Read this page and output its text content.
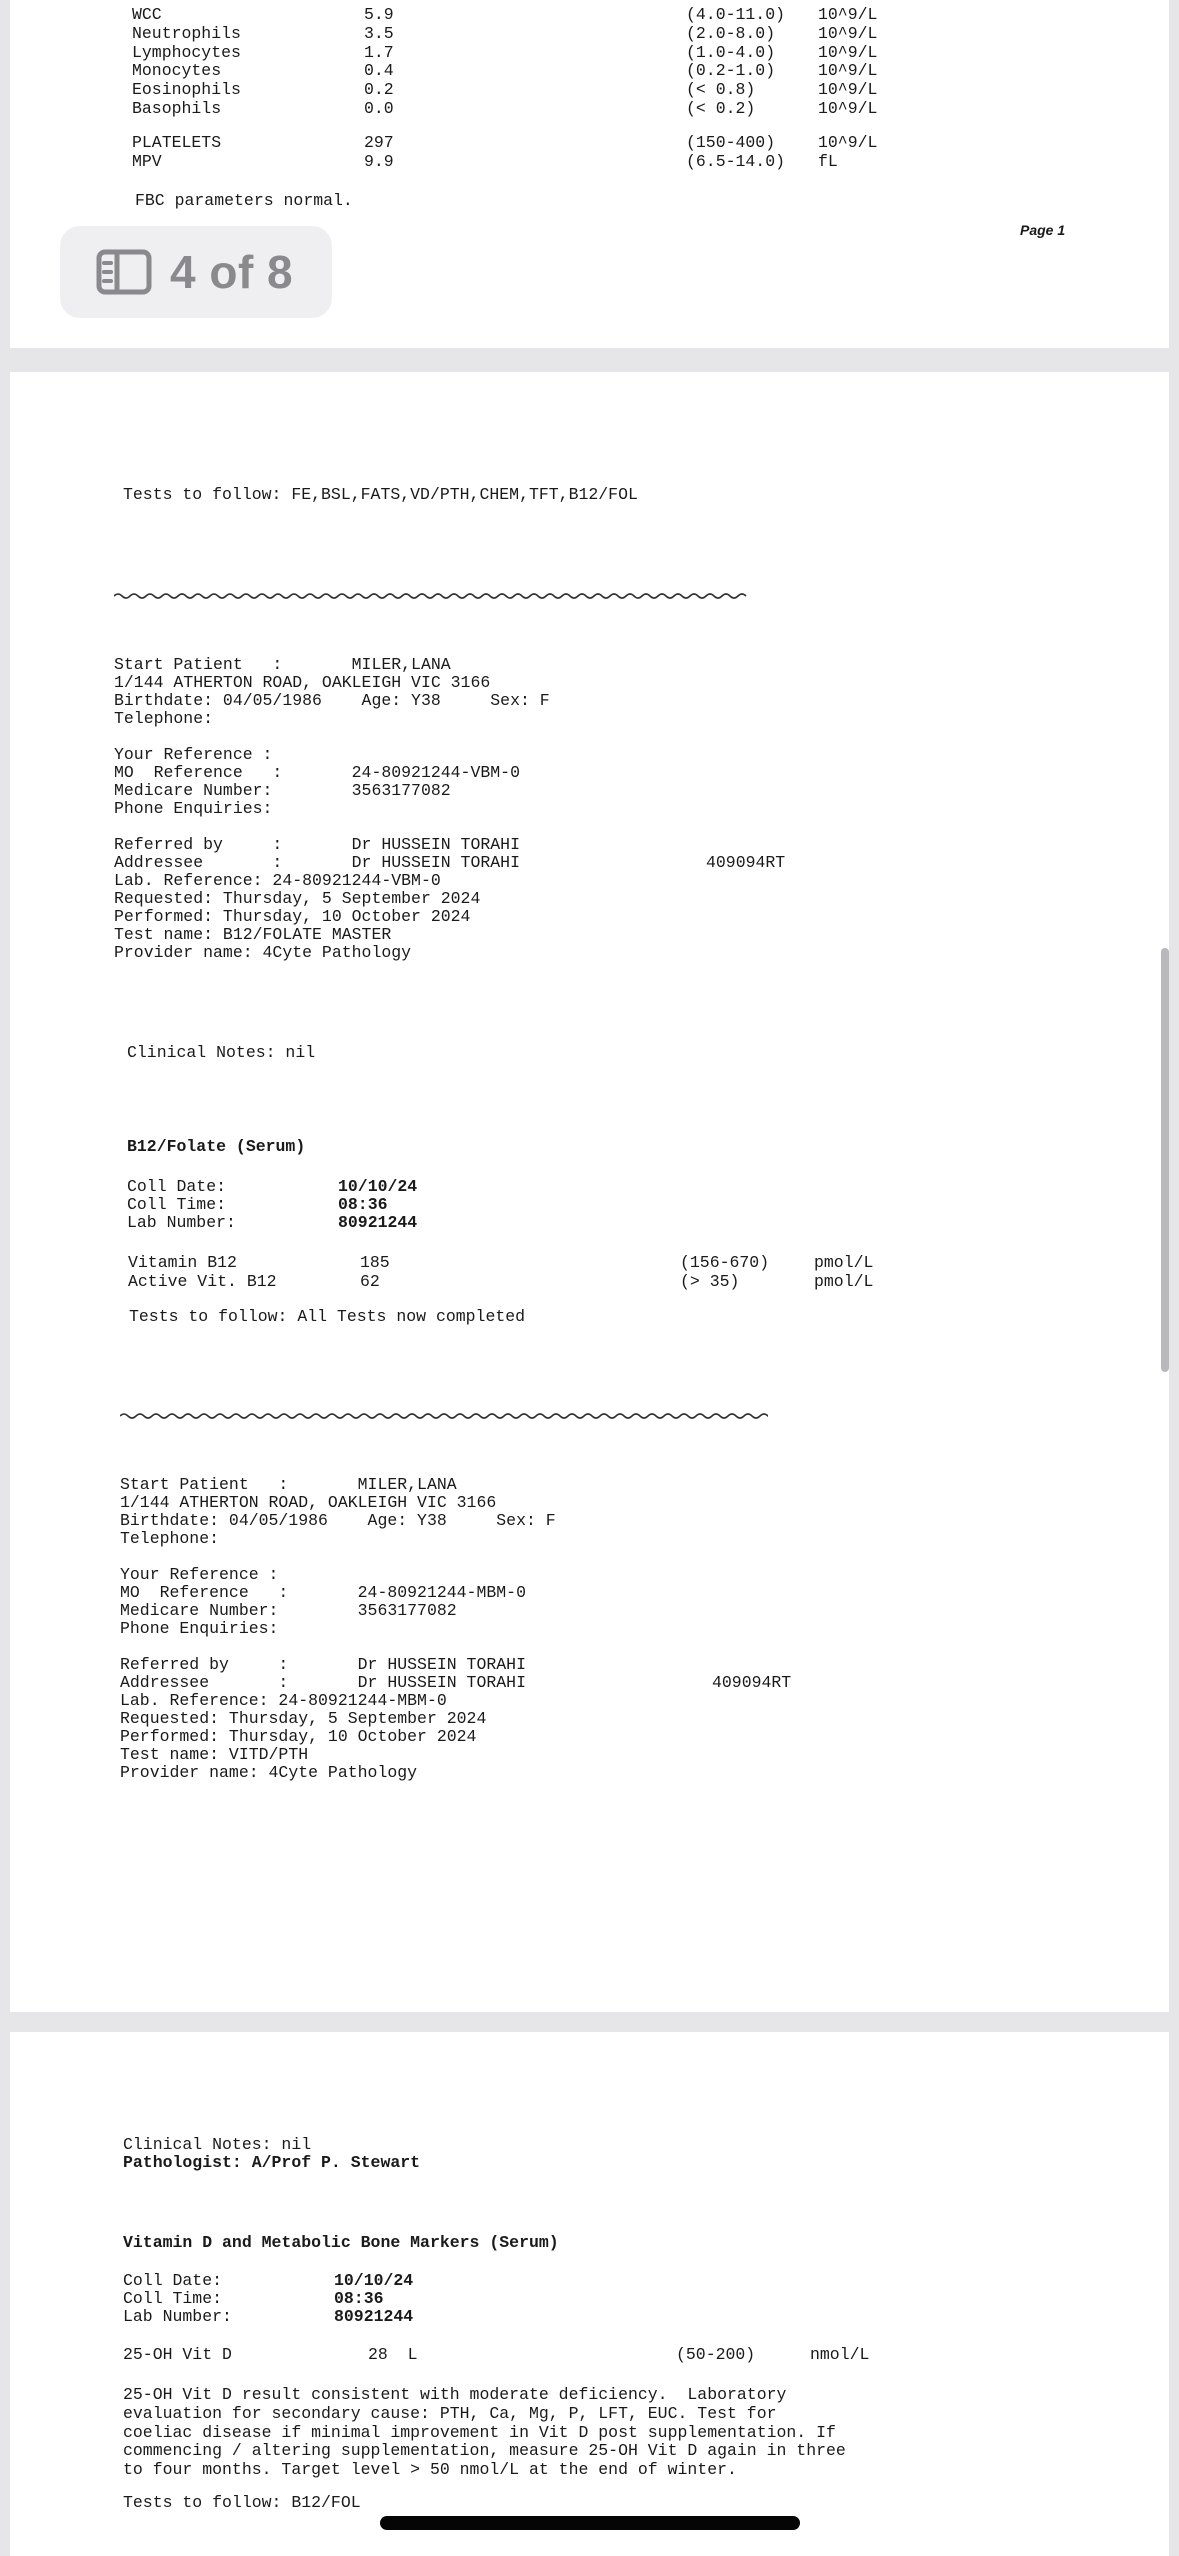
WCC	5.9	(4.0-11.0) 10^9/L
Neutrophils	3.5	(2.0-8.0)	10^9/L
Lymphocytes	1.7	(1.0-4.0)	10^9/L
Monocytes	0.4	(0.2-1.0)	10^9/L
Eosinophils	0.2	(< 0.8)	10^9/L
Basophils	0.0	(< 0.2)	10^9/L
PLATELETS	297	(150-400)	10^9/L
MPV	9.9	(6.5-14.0) fL
FBC parameters normal.
Page 1
4 of 8
Tests to follow: FE,BSL,FATS,VD/PTH,CHEM,TFT,B12/FOL
Start Patient   :       MILER,LANA
1/144 ATHERTON ROAD, OAKLEIGH VIC 3166
Birthdate: 04/05/1986    Age: Y38     Sex: F
Telephone:
Your Reference :
MO  Reference   :       24-80921244-VBM-0
Medicare Number:        3563177082
Phone Enquiries:
Referred by     :       Dr HUSSEIN TORAHI
Addressee       :       Dr HUSSEIN TORAHI	409094RT
Lab. Reference: 24-80921244-VBM-0
Requested: Thursday, 5 September 2024
Performed: Thursday, 10 October 2024
Test name: B12/FOLATE MASTER
Provider name: 4Cyte Pathology
Clinical Notes: nil
B12/Folate (Serum)
Coll Date:	10/10/24
Coll Time:	08:36
Lab Number:	80921244
Vitamin B12	185	(156-670)	pmol/L
Active Vit. B12	62	(> 35)	pmol/L
Tests to follow: All Tests now completed
Start Patient   :       MILER,LANA
1/144 ATHERTON ROAD, OAKLEIGH VIC 3166
Birthdate: 04/05/1986    Age: Y38     Sex: F
Telephone:
Your Reference :
MO  Reference   :       24-80921244-MBM-0
Medicare Number:        3563177082
Phone Enquiries:
Referred by     :       Dr HUSSEIN TORAHI
Addressee       :       Dr HUSSEIN TORAHI	409094RT
Lab. Reference: 24-80921244-MBM-0
Requested: Thursday, 5 September 2024
Performed: Thursday, 10 October 2024
Test name: VITD/PTH
Provider name: 4Cyte Pathology
Clinical Notes: nil
Pathologist: A/Prof P. Stewart
Vitamin D and Metabolic Bone Markers (Serum)
Coll Date:	10/10/24
Coll Time:	08:36
Lab Number:	80921244
25-OH Vit D	28  L	(50-200)	nmol/L
25-OH Vit D result consistent with moderate deficiency.  Laboratory
evaluation for secondary cause: PTH, Ca, Mg, P, LFT, EUC. Test for
coeliac disease if minimal improvement in Vit D post supplementation. If
commencing / altering supplementation, measure 25-OH Vit D again in three
to four months. Target level > 50 nmol/L at the end of winter.
Tests to follow: B12/FOL
